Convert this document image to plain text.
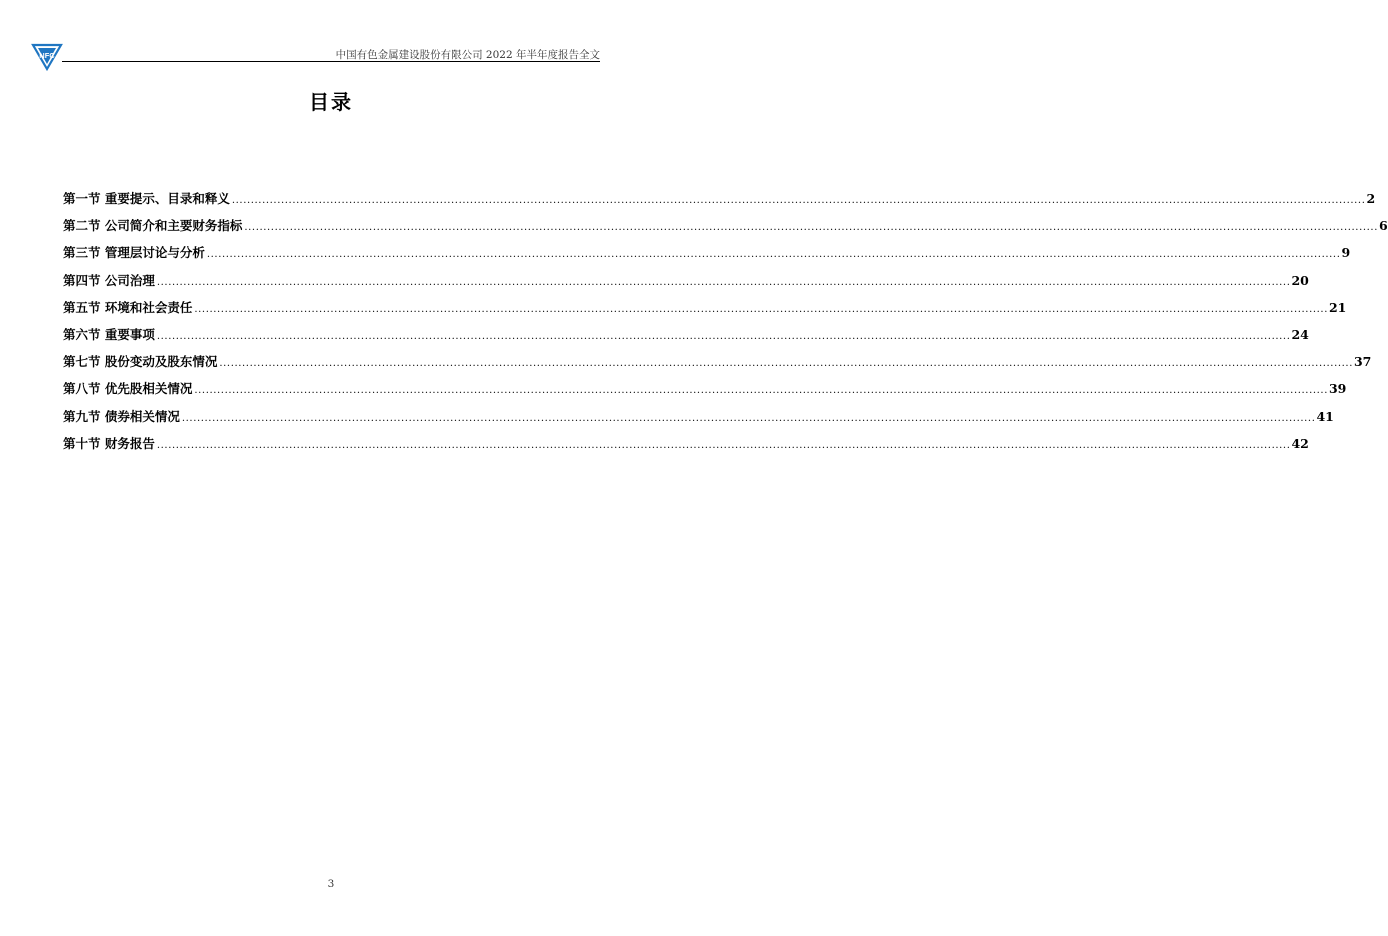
NFC	中国有色金属建设股份有限公司 2022 年半年度报告全文
目录
第一节 重要提示、目录和释义 ............................................................................................................................................................................................................................................................................................................ 2
第二节 公司简介和主要财务指标 ............................................................................................................................................................................................................................................................................................................ 6
第三节 管理层讨论与分析 ............................................................................................................................................................................................................................................................................................................ 9
第四节 公司治理 ............................................................................................................................................................................................................................................................................................................ 20
第五节 环境和社会责任 ............................................................................................................................................................................................................................................................................................................ 21
第六节 重要事项 ............................................................................................................................................................................................................................................................................................................ 24
第七节 股份变动及股东情况 ............................................................................................................................................................................................................................................................................................................ 37
第八节 优先股相关情况 ............................................................................................................................................................................................................................................................................................................ 39
第九节 债券相关情况 ............................................................................................................................................................................................................................................................................................................ 41
第十节 财务报告 ............................................................................................................................................................................................................................................................................................................ 42
3
